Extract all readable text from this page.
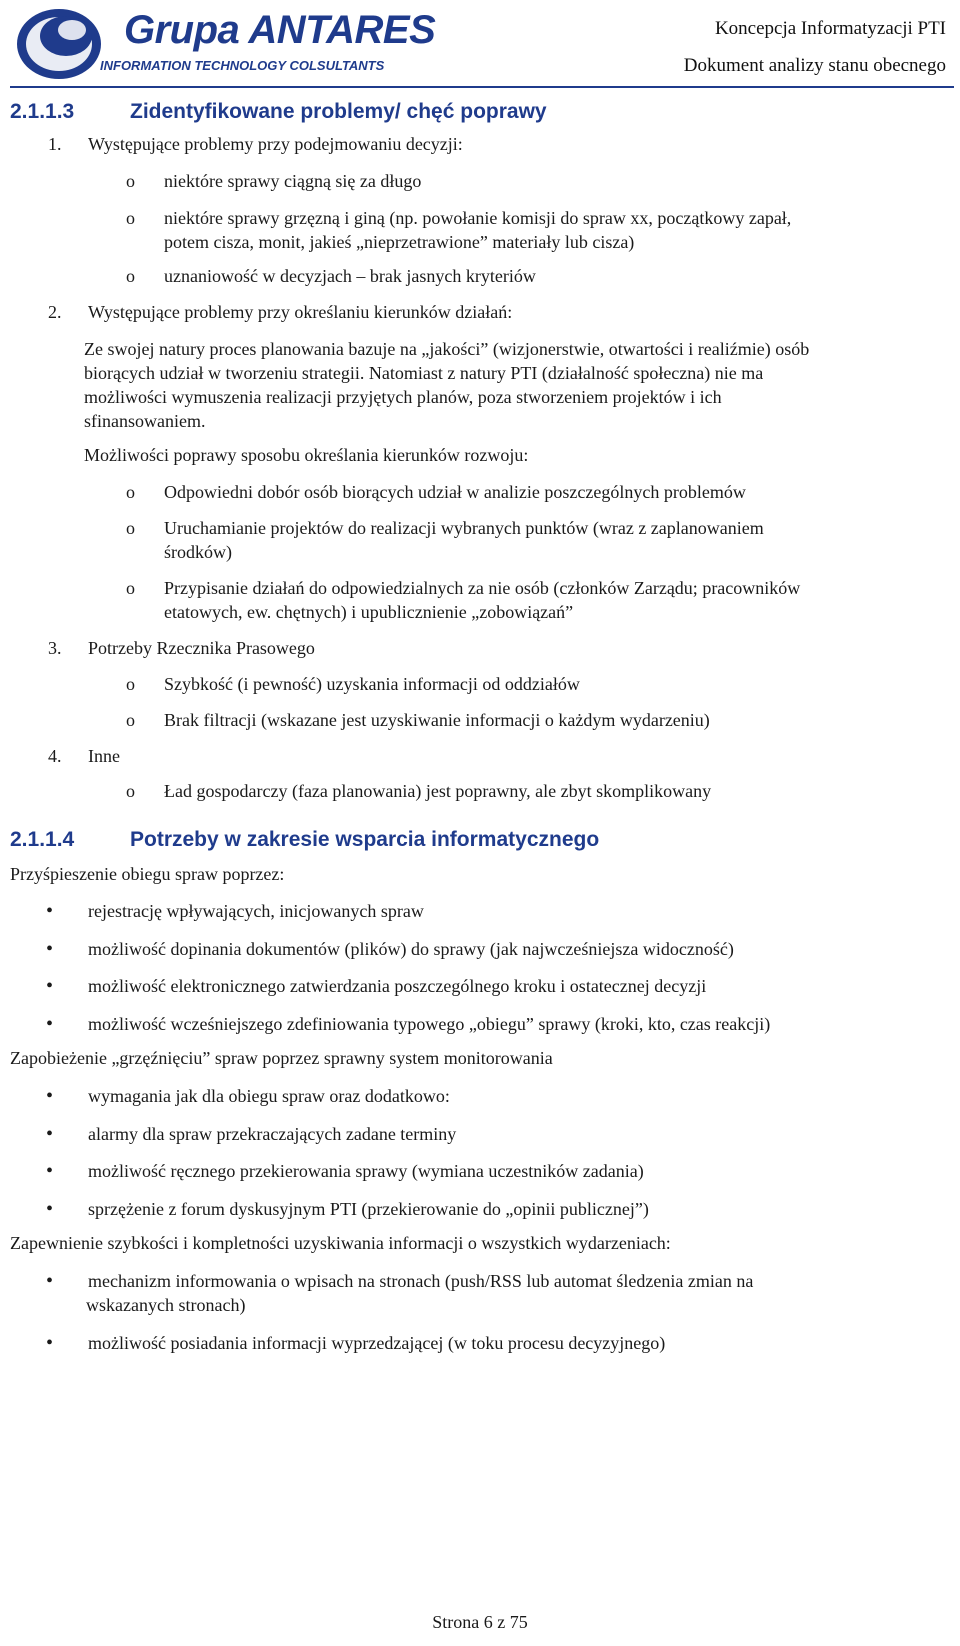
Grupa ANTARES
INFORMATION TECHNOLOGY COLSULTANTS
Koncepcja Informatyzacji PTI
Dokument analizy stanu obecnego
2.1.1.3	Zidentyfikowane problemy/ chęć poprawy
1. Występujące problemy przy podejmowaniu decyzji:
o niektóre sprawy ciągną się za długo
o niektóre sprawy grzęzną i giną (np. powołanie komisji do spraw xx, początkowy zapał,
potem cisza, monit, jakieś „nieprzetrawione” materiały lub cisza)
o uznaniowość w decyzjach – brak jasnych kryteriów
2. Występujące problemy przy określaniu kierunków działań:
Ze swojej natury proces planowania bazuje na „jakości” (wizjonerstwie, otwartości i realiźmie) osób
biorących udział w tworzeniu strategii. Natomiast z natury PTI (działalność społeczna) nie ma
możliwości wymuszenia realizacji przyjętych planów, poza stworzeniem projektów i ich
sfinansowaniem.
Możliwości poprawy sposobu określania kierunków rozwoju:
o Odpowiedni dobór osób biorących udział w analizie poszczególnych problemów
o Uruchamianie projektów do realizacji wybranych punktów (wraz z zaplanowaniem
środków)
o Przypisanie działań do odpowiedzialnych za nie osób (członków Zarządu; pracowników
etatowych, ew. chętnych) i upublicznienie „zobowiązań”
3. Potrzeby Rzecznika Prasowego
o Szybkość (i pewność) uzyskania informacji od oddziałów
o Brak filtracji (wskazane jest uzyskiwanie informacji o każdym wydarzeniu)
4. Inne
o Ład gospodarczy (faza planowania) jest poprawny, ale zbyt skomplikowany
2.1.1.4	Potrzeby w zakresie wsparcia informatycznego
Przyśpieszenie obiegu spraw poprzez:
• rejestrację wpływających, inicjowanych spraw
• możliwość dopinania dokumentów (plików) do sprawy (jak najwcześniejsza widoczność)
• możliwość elektronicznego zatwierdzania poszczególnego kroku i ostatecznej decyzji
• możliwość wcześniejszego zdefiniowania typowego „obiegu” sprawy (kroki, kto, czas reakcji)
Zapobieżenie „grzęźnięciu” spraw poprzez sprawny system monitorowania
• wymagania jak dla obiegu spraw oraz dodatkowo:
• alarmy dla spraw przekraczających zadane terminy
• możliwość ręcznego przekierowania sprawy (wymiana uczestników zadania)
• sprzężenie z forum dyskusyjnym PTI (przekierowanie do „opinii publicznej”)
Zapewnienie szybkości i kompletności uzyskiwania informacji o wszystkich wydarzeniach:
• mechanizm informowania o wpisach na stronach (push/RSS lub automat śledzenia zmian na
wskazanych stronach)
• możliwość posiadania informacji wyprzedzającej (w toku procesu decyzyjnego)
Strona 6 z 75
